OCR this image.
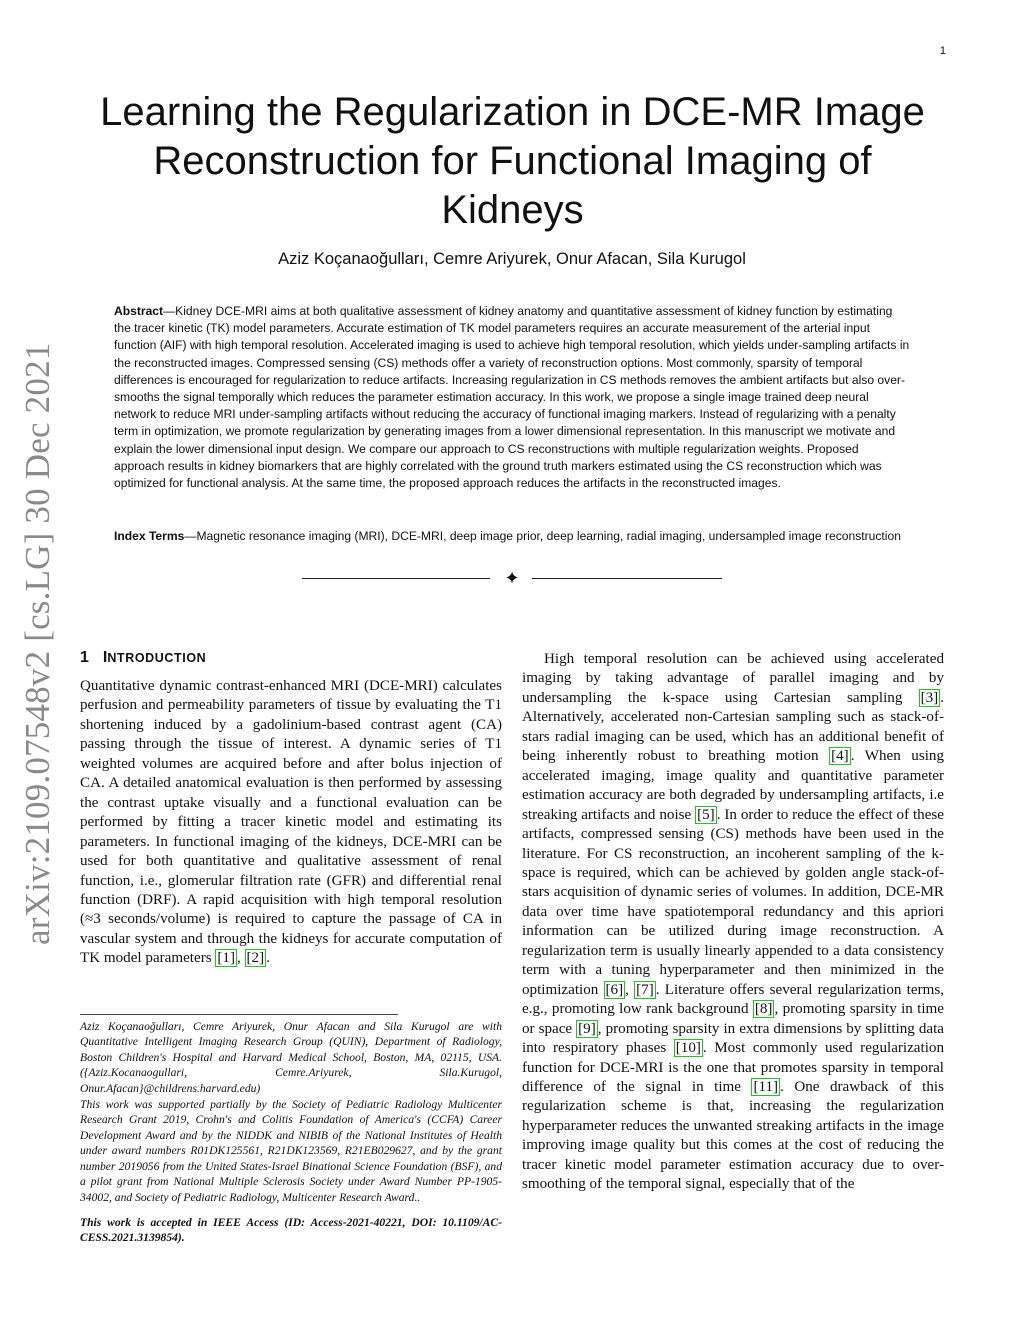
1
arXiv:2109.07548v2 [cs.LG] 30 Dec 2021
Learning the Regularization in DCE-MR Image
Reconstruction for Functional Imaging of
Kidneys
Aziz Koçanaoğulları, Cemre Ariyurek, Onur Afacan, Sila Kurugol

Abstract—Kidney DCE-MRI aims at both qualitative assessment of kidney anatomy and quantitative assessment of kidney function by estimating the tracer kinetic (TK) model parameters. Accurate estimation of TK model parameters requires an accurate measurement of the arterial input function (AIF) with high temporal resolution. Accelerated imaging is used to achieve high temporal resolution, which yields under-sampling artifacts in the reconstructed images. Compressed sensing (CS) methods offer a variety of reconstruction options. Most commonly, sparsity of temporal differences is encouraged for regularization to reduce artifacts. Increasing regularization in CS methods removes the ambient artifacts but also over-smooths the signal temporally which reduces the parameter estimation accuracy. In this work, we propose a single image trained deep neural network to reduce MRI under-sampling artifacts without reducing the accuracy of functional imaging markers. Instead of regularizing with a penalty term in optimization, we promote regularization by generating images from a lower dimensional representation. In this manuscript we motivate and explain the lower dimensional input design. We compare our approach to CS reconstructions with multiple regularization weights. Proposed approach results in kidney biomarkers that are highly correlated with the ground truth markers estimated using the CS reconstruction which was optimized for functional analysis. At the same time, the proposed approach reduces the artifacts in the reconstructed images.

Index Terms—Magnetic resonance imaging (MRI), DCE-MRI, deep image prior, deep learning, radial imaging, undersampled image reconstruction

✦
1 INTRODUCTION

Quantitative dynamic contrast-enhanced MRI (DCE-MRI) calculates perfusion and permeability parameters of tissue by evaluating the T1 shortening induced by a gadolinium-based contrast agent (CA) passing through the tissue of interest. A dynamic series of T1 weighted volumes are acquired before and after bolus injection of CA. A detailed anatomical evaluation is then performed by assessing the contrast uptake visually and a functional evaluation can be performed by fitting a tracer kinetic model and estimating its parameters. In functional imaging of the kidneys, DCE-MRI can be used for both quantitative and qualitative assessment of renal function, i.e., glomerular filtration rate (GFR) and differential renal function (DRF). A rapid acquisition with high temporal resolution (≈3 seconds/volume) is required to capture the passage of CA in vascular system and through the kidneys for accurate computation of TK model parameters [1] , [2] .

Aziz Koçanaoğulları, Cemre Ariyurek, Onur Afacan and Sila Kurugol are with Quantitative Intelligent Imaging Research Group (QUIN), Department of Radiology, Boston Children's Hospital and Harvard Medical School, Boston, MA, 02115, USA. ({Aziz.Kocanaogullari, Cemre.Ariyurek, Sila.Kurugol, Onur.Afacan}@childrens.harvard.edu)

This work was supported partially by the Society of Pediatric Radiology Multicenter Research Grant 2019, Crohn's and Colitis Foundation of America's (CCFA) Career Development Award and by the NIDDK and NIBIB of the National Institutes of Health under award numbers R01DK125561, R21DK123569, R21EB029627, and by the grant number 2019056 from the United States-Israel Binational Science Foundation (BSF), and a pilot grant from National Multiple Sclerosis Society under Award Number PP-1905-34002, and Society of Pediatric Radiology, Multicenter Research Award..

This work is accepted in IEEE Access (ID: Access-2021-40221, DOI: 10.1109/ACCESS.2021.3139854).

High temporal resolution can be achieved using accelerated imaging by taking advantage of parallel imaging and by undersampling the k-space using Cartesian sampling [3] . Alternatively, accelerated non-Cartesian sampling such as stack-of-stars radial imaging can be used, which has an additional benefit of being inherently robust to breathing motion [4] . When using accelerated imaging, image quality and quantitative parameter estimation accuracy are both degraded by undersampling artifacts, i.e streaking artifacts and noise [5] . In order to reduce the effect of these artifacts, compressed sensing (CS) methods have been used in the literature. For CS reconstruction, an incoherent sampling of the k-space is required, which can be achieved by golden angle stack-of-stars acquisition of dynamic series of volumes. In addition, DCE-MR data over time have spatiotemporal redundancy and this apriori information can be utilized during image reconstruction. A regularization term is usually linearly appended to a data consistency term with a tuning hyperparameter and then minimized in the optimization [6] , [7] . Literature offers several regularization terms, e.g., promoting low rank background [8] , promoting sparsity in time or space [9] , promoting sparsity in extra dimensions by splitting data into respiratory phases [10] . Most commonly used regularization function for DCE-MRI is the one that promotes sparsity in temporal difference of the signal in time [11] . One drawback of this regularization scheme is that, increasing the regularization hyperparameter reduces the unwanted streaking artifacts in the image improving image quality but this comes at the cost of reducing the tracer kinetic model parameter estimation accuracy due to over-smoothing of the temporal signal, especially that of the
